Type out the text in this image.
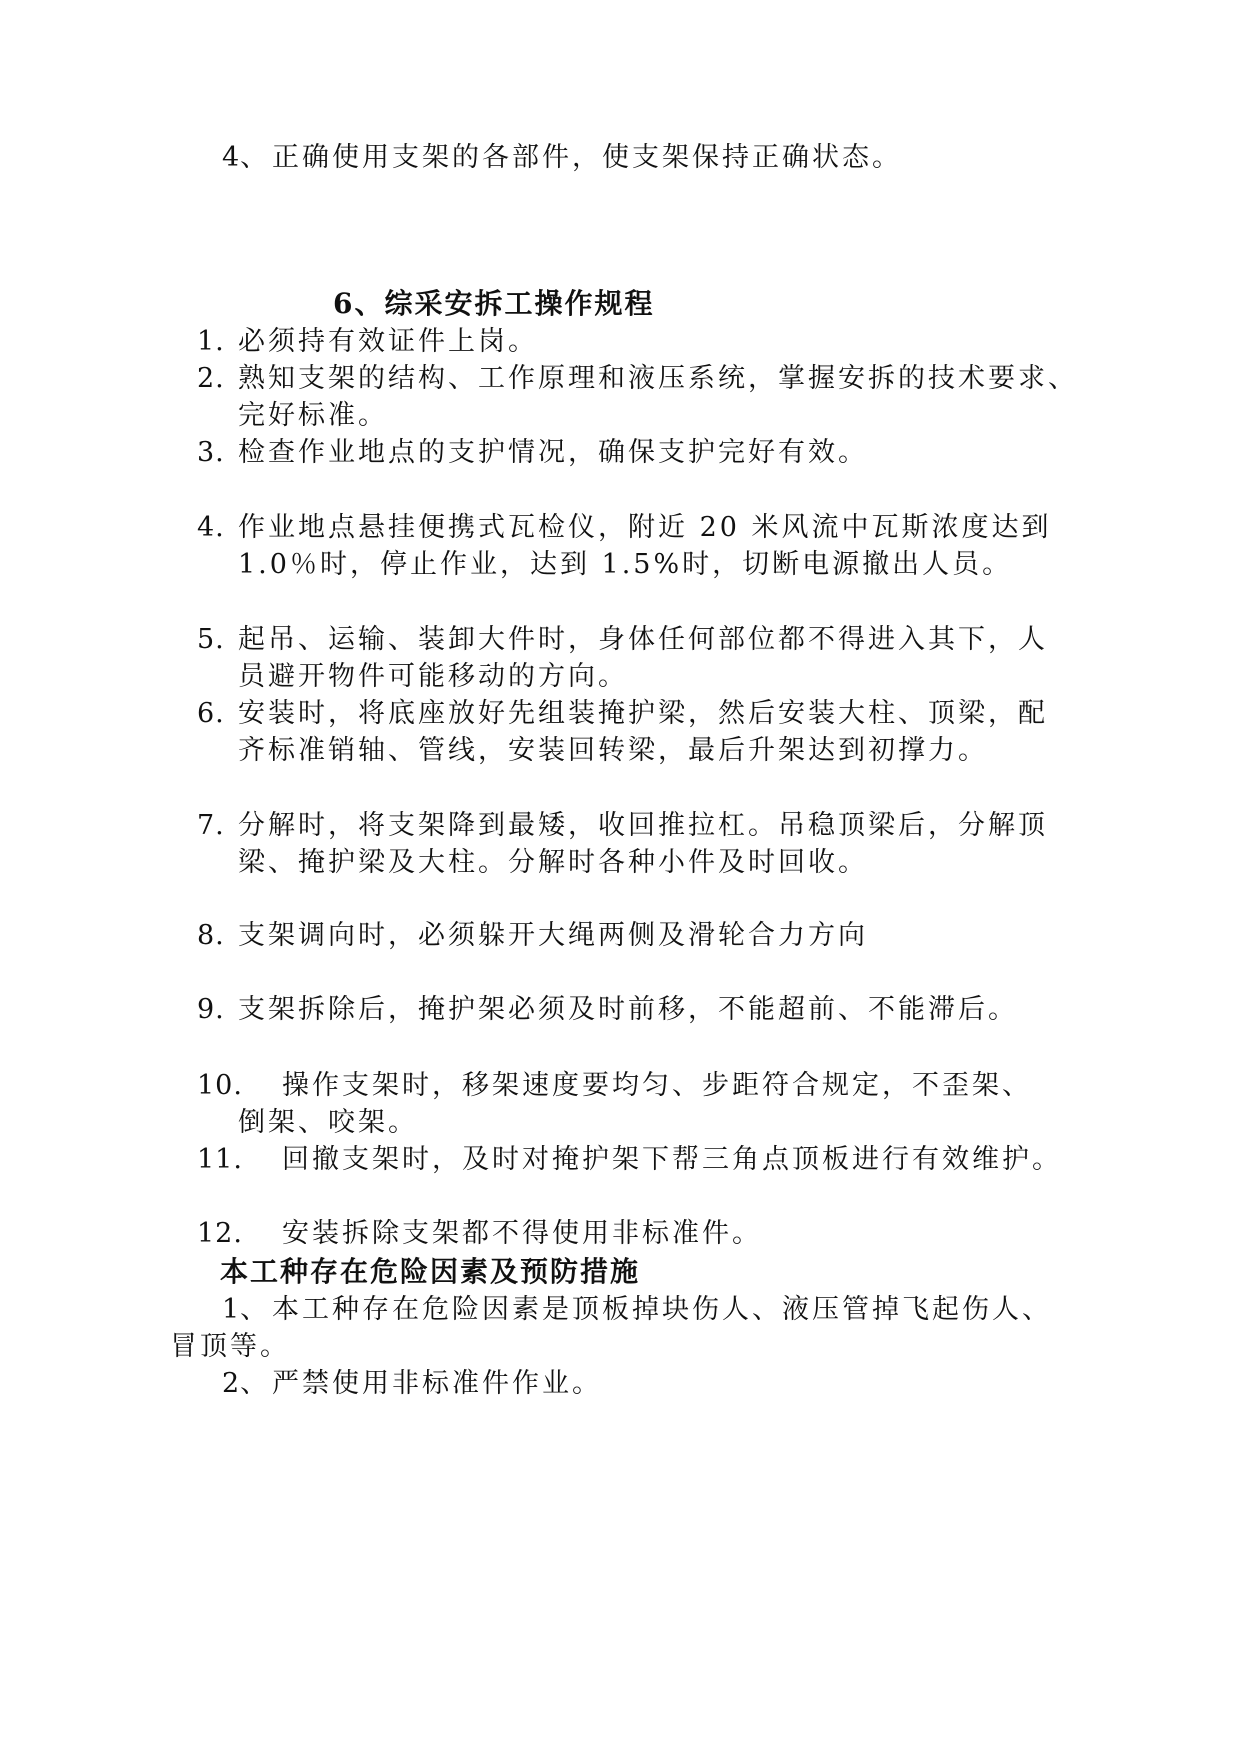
4、 正确使用支架的各部件，使支架保持正确状态。
6、综采安拆工操作规程
1. 必须持有效证件上岗。
2. 熟知支架的结构、工作原理和液压系统，掌握安拆的技术要求、
完好标准。
3. 检查作业地点的支护情况，确保支护完好有效。
4. 作业地点悬挂便携式瓦检仪，附近 20 米风流中瓦斯浓度达到
1.0％时，停止作业，达到 1.5%时，切断电源撤出人员。
5. 起吊、运输、装卸大件时，身体任何部位都不得进入其下，人
员避开物件可能移动的方向。
6. 安装时，将底座放好先组装掩护梁，然后安装大柱、顶梁，配
齐标准销轴、管线，安装回转梁，最后升架达到初撑力。
7. 分解时，将支架降到最矮，收回推拉杠。吊稳顶梁后，分解顶
梁、掩护梁及大柱。分解时各种小件及时回收。
8. 支架调向时，必须躲开大绳两侧及滑轮合力方向
9. 支架拆除后，掩护架必须及时前移，不能超前、不能滞后。
10. 操作支架时，移架速度要均匀、步距符合规定，不歪架、
倒架、咬架。
11. 回撤支架时，及时对掩护架下帮三角点顶板进行有效维护。
12. 安装拆除支架都不得使用非标准件。
本工种存在危险因素及预防措施
1、 本工种存在危险因素是顶板掉块伤人、液压管掉飞起伤人、
冒顶等。
2、 严禁使用非标准件作业。
